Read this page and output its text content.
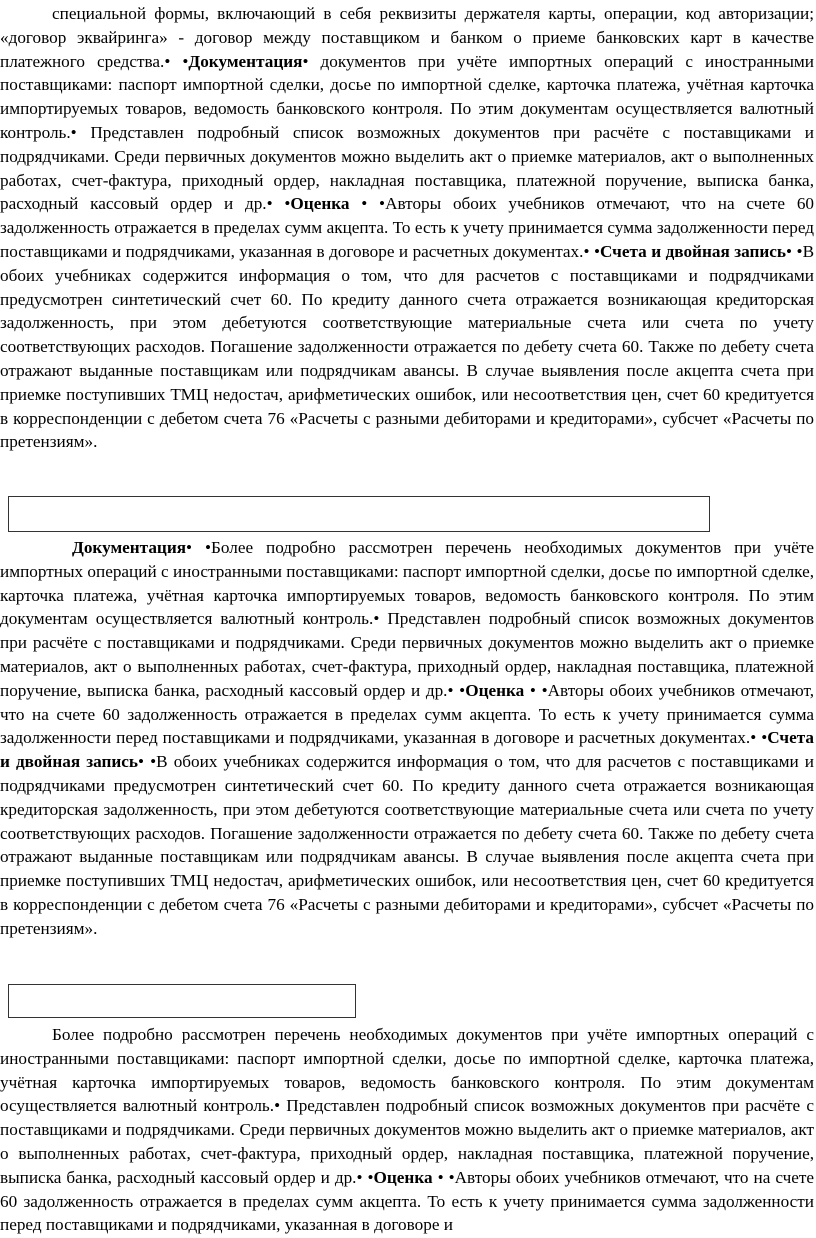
специальной формы, включающий в себя реквизиты держателя карты, операции, код авторизации; «договор эквайринга» - договор между поставщиком и банком о приеме банковских карт в качестве платежного средства.• •Документация• документов при учёте импортных операций с иностранными поставщиками: паспорт импортной сделки, досье по импортной сделке, карточка платежа, учётная карточка импортируемых товаров, ведомость банковского контроля. По этим документам осуществляется валютный контроль.• Представлен подробный список возможных документов при расчёте с поставщиками и подрядчиками. Среди первичных документов можно выделить акт о приемке материалов, акт о выполненных работах, счет-фактура, приходный ордер, накладная поставщика, платежной поручение, выписка банка, расходный кассовый ордер и др.• •Оценка • •Авторы обоих учебников отмечают, что на счете 60 задолженность отражается в пределах сумм акцепта. То есть к учету принимается сумма задолженности перед поставщиками и подрядчиками, указанная в договоре и расчетных документах.• •Счета и двойная запись• •В обоих учебниках содержится информация о том, что для расчетов с поставщиками и подрядчиками предусмотрен синтетический счет 60. По кредиту данного счета отражается возникающая кредиторская задолженность, при этом дебетуются соответствующие материальные счета или счета по учету соответствующих расходов. Погашение задолженности отражается по дебету счета 60. Также по дебету счета отражают выданные поставщикам или подрядчикам авансы. В случае выявления после акцепта счета при приемке поступивших ТМЦ недостач, арифметических ошибок, или несоответствия цен, счет 60 кредитуется в корреспонденции с дебетом счета 76 «Расчеты с разными дебиторами и кредиторами», субсчет «Расчеты по претензиям».

Документация• •Более подробно рассмотрен перечень необходимых документов при учёте импортных операций с иностранными поставщиками: паспорт импортной сделки, досье по импортной сделке, карточка платежа, учётная карточка импортируемых товаров, ведомость банковского контроля. По этим документам осуществляется валютный контроль.• Представлен подробный список возможных документов при расчёте с поставщиками и подрядчиками. Среди первичных документов можно выделить акт о приемке материалов, акт о выполненных работах, счет-фактура, приходный ордер, накладная поставщика, платежной поручение, выписка банка, расходный кассовый ордер и др.• •Оценка • •Авторы обоих учебников отмечают, что на счете 60 задолженность отражается в пределах сумм акцепта. То есть к учету принимается сумма задолженности перед поставщиками и подрядчиками, указанная в договоре и расчетных документах.• •Счета и двойная запись• •В обоих учебниках содержится информация о том, что для расчетов с поставщиками и подрядчиками предусмотрен синтетический счет 60. По кредиту данного счета отражается возникающая кредиторская задолженность, при этом дебетуются соответствующие материальные счета или счета по учету соответствующих расходов. Погашение задолженности отражается по дебету счета 60. Также по дебету счета отражают выданные поставщикам или подрядчикам авансы. В случае выявления после акцепта счета при приемке поступивших ТМЦ недостач, арифметических ошибок, или несоответствия цен, счет 60 кредитуется в корреспонденции с дебетом счета 76 «Расчеты с разными дебиторами и кредиторами», субсчет «Расчеты по претензиям».

Более подробно рассмотрен перечень необходимых документов при учёте импортных операций с иностранными поставщиками: паспорт импортной сделки, досье по импортной сделке, карточка платежа, учётная карточка импортируемых товаров, ведомость банковского контроля. По этим документам осуществляется валютный контроль.• Представлен подробный список возможных документов при расчёте с поставщиками и подрядчиками. Среди первичных документов можно выделить акт о приемке материалов, акт о выполненных работах, счет-фактура, приходный ордер, накладная поставщика, платежной поручение, выписка банка, расходный кассовый ордер и др.• •Оценка • •Авторы обоих учебников отмечают, что на счете 60 задолженность отражается в пределах сумм акцепта. То есть к учету принимается сумма задолженности перед поставщиками и подрядчиками, указанная в договоре и
